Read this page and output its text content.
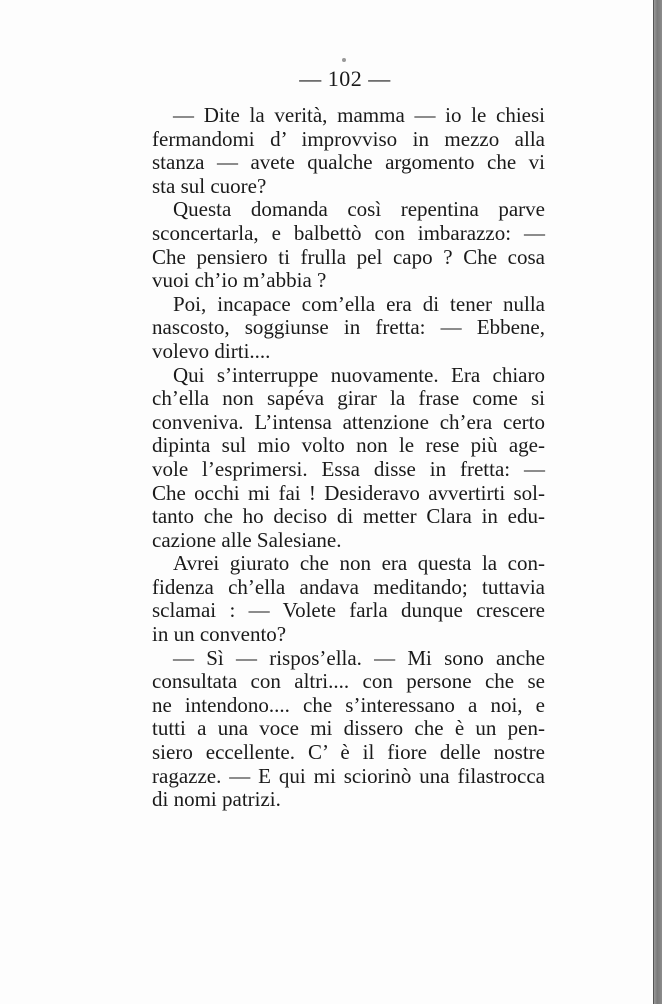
— 102 —
— Dite la verità, mamma — io le chiesi
fermandomi d’ improvviso in mezzo alla
stanza — avete qualche argomento che vi
sta sul cuore?
Questa domanda così repentina parve
sconcertarla, e balbettò con imbarazzo: —
Che pensiero ti frulla pel capo ? Che cosa
vuoi ch’io m’abbia ?
Poi, incapace com’ella era di tener nulla
nascosto, soggiunse in fretta: — Ebbene,
volevo dirti....
Qui s’interruppe nuovamente. Era chiaro
ch’ella non sapéva girar la frase come si
conveniva. L’intensa attenzione ch’era certo
dipinta sul mio volto non le rese più age-
vole l’esprimersi. Essa disse in fretta: —
Che occhi mi fai ! Desideravo avvertirti sol-
tanto che ho deciso di metter Clara in edu-
cazione alle Salesiane.
Avrei giurato che non era questa la con-
fidenza ch’ella andava meditando; tuttavia
sclamai : — Volete farla dunque crescere
in un convento?
— Sì — rispos’ella. — Mi sono anche
consultata con altri.... con persone che se
ne intendono.... che s’interessano a noi, e
tutti a una voce mi dissero che è un pen-
siero eccellente. C’ è il fiore delle nostre
ragazze. — E qui mi sciorinò una filastrocca
di nomi patrizi.
